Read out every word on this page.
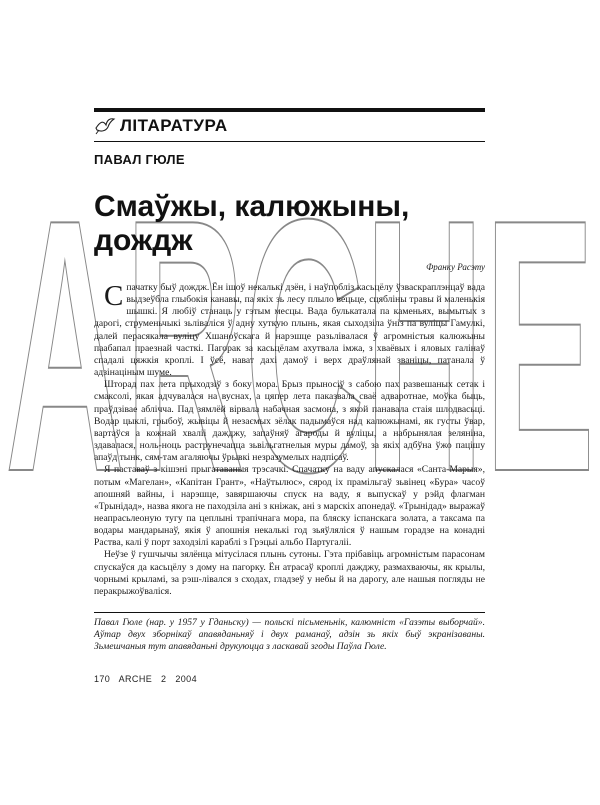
ARCHE
ЛІТАРАТУРА
ПАВАЛ ГЮЛЕ
Смаўжы, калюжыны, дождж
Франку Расэту

Спачатку быў дождж. Ён ішоў некалькі дзён, і наўпобліз касьцёлу ўзваскраплэнцаў вада выдзеўбла глыбокія канавы, па якіх зь лесу плыло вецьце, сцябліны травы й маленькія шышкі. Я любіў станаць у гэтым месцы. Вада булькатала па каменьях, вымытых з дарогі, струменьчыкі зьлівaліся ў адну хуткую плынь, якая сыходзіла ўніз па вуліцы Гамулкі, далей перасякала вуліцу Хшанoўскага й нарэшце разьлівалася ў агромністыя калюжыны паабапал праезнай часткі. Пагорак за касьцёлам ахутвала імжа, з хваёвых і яловых галінаў спадалі цяжкія кроплі. І ўсё, нават дахі дамоў і верх драўлянай званіцы, патанала ў адзінаціным шуме.

Шторад пах лета прыходзіў з боку мора. Брыз прыносіў з сабою пах развешаных сетак і смаксолі, якая адчувалася на вуснах, а цяпер лета паказвала сваё адваротнае, моўка быць, праўдзівае аблічча. Пад зямлёй вірвала набачная засмона, з якой панавала стаія шлодвасьці. Вoдар цыклі, грыбоў, жывіцы й незаємых зёлак падымаўся над калюжынамі, як густы ўвар, вартаўся а кожнай хваліі дажджу, запаўняў агароды й вуліцы, а набрынялая зеляніна, здавалася, ноль-ноць раструнечацца зьвільгатнелыя муры дамоў, за якіх адбўна ўжо пацішу апаўд тынк, сям-там агаляючы ўрывкі незразумелых надпісаў.

Я паставаў з кішэні прыгатаваныя трэсачкі. Спачатку на ваду апускалася «Санта-Марыя», потым «Магелан», «Капітан Грант», «Наўтылюс», сярод іх прамільгаў зьвінец «Бура» часоў апошняй вайны, і нарэшце, завяршаючы спуск на ваду, я выпускаў у рэйд флагман «Трынідад», назва якога не паходзіла ані з кніжак, ані з марскіх апонедаў. «Трынідад» выражаў неапрасьлеоную тугу па цеплыні трапічнага мора, па бляску іспанскага золата, а таксама па водары мандарынаў, якія ў апошнія некалькі год зьяўляліся ў нашым горадзе на конадні Раства, калі ў порт заходзілі караблі з Грэцыі альбо Партугаліі.

Неўзе ў гушчычы зялёнца мітусілася плынь сутоны. Гэта прібавіць агромністым парасонам спускаўся да касьцёлу з дому на пагорку. Ён атрасаў кроплі дажджу, размахваючы, як крылы, чорнымі крыламі, за рэш-лівался з сходах, гладзеў у небы й на дарогу, але нашыя погляды не перакрыжоўваліся.

Павал Гюле (нар. у 1957 у Гданьску) — польскі пісьменьнік, калюмніст «Газэты выборчай». Аўтар двух зборнікаў апавяданьняў і двух раманаў, адзін зь якіх быў экранізаваны. Зьмешчаныя тут апавяданьні друкуюцца з ласкавай згоды Паўла Гюле.
170 ARCHE 2 2004
